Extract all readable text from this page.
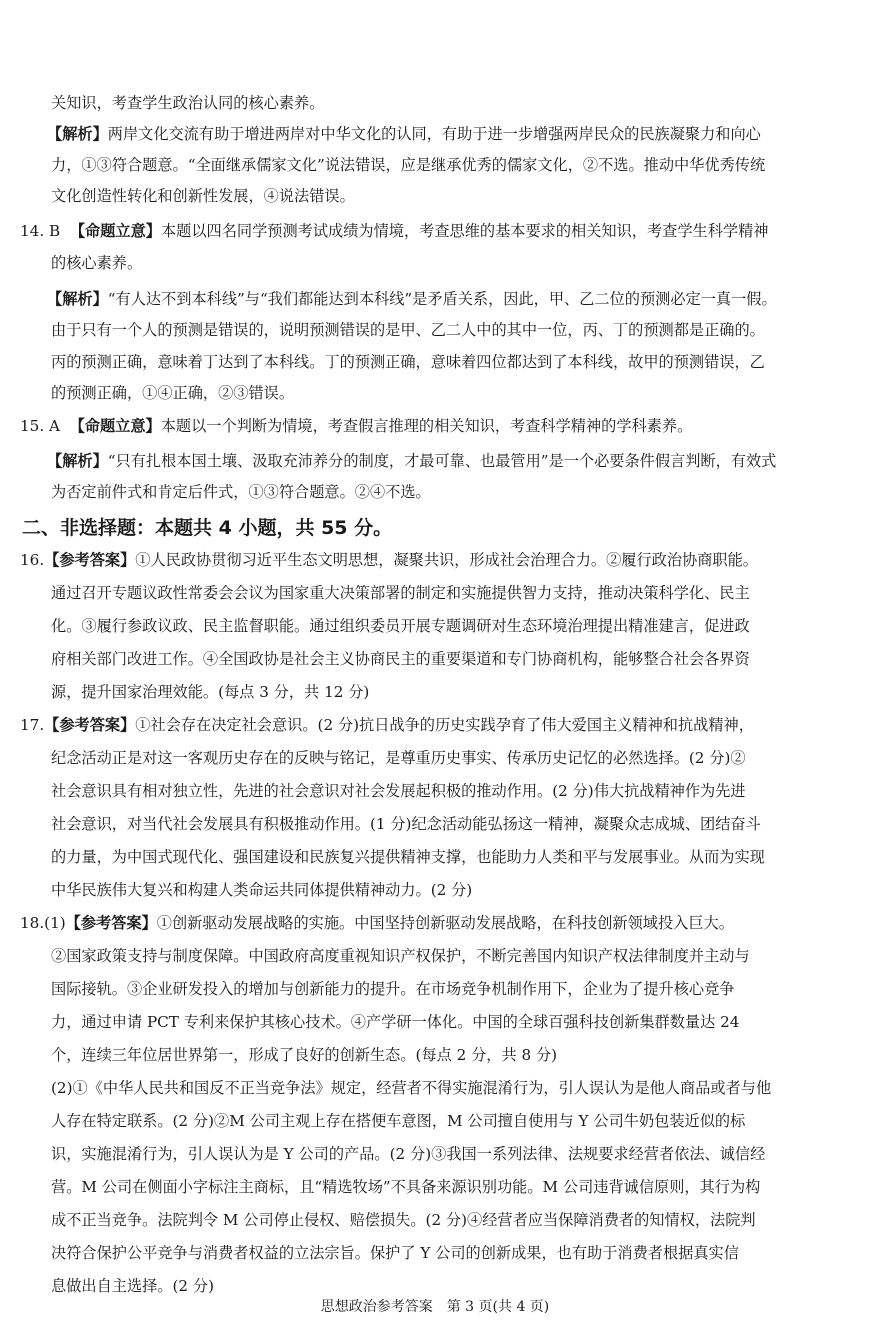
关知识，考查学生政治认同的核心素养。
【解析】两岸文化交流有助于增进两岸对中华文化的认同，有助于进一步增强两岸民众的民族凝聚力和向心
力，①③符合题意。“全面继承儒家文化”说法错误，应是继承优秀的儒家文化，②不选。推动中华优秀传统
文化创造性转化和创新性发展，④说法错误。
14. B 【命题立意】本题以四名同学预测考试成绩为情境，考查思维的基本要求的相关知识，考查学生科学精神
的核心素养。
【解析】“有人达不到本科线”与“我们都能达到本科线”是矛盾关系，因此，甲、乙二位的预测必定一真一假。
由于只有一个人的预测是错误的，说明预测错误的是甲、乙二人中的其中一位，丙、丁的预测都是正确的。
丙的预测正确，意味着丁达到了本科线。丁的预测正确，意味着四位都达到了本科线，故甲的预测错误，乙
的预测正确，①④正确，②③错误。
15. A 【命题立意】本题以一个判断为情境，考查假言推理的相关知识，考查科学精神的学科素养。
【解析】“只有扎根本国土壤、汲取充沛养分的制度，才最可靠、也最管用”是一个必要条件假言判断，有效式
为否定前件式和肯定后件式，①③符合题意。②④不选。
二、非选择题：本题共 4 小题，共 55 分。
16.【参考答案】①人民政协贯彻习近平生态文明思想，凝聚共识，形成社会治理合力。②履行政治协商职能。
通过召开专题议政性常委会会议为国家重大决策部署的制定和实施提供智力支持，推动决策科学化、民主
化。③履行参政议政、民主监督职能。通过组织委员开展专题调研对生态环境治理提出精准建言，促进政
府相关部门改进工作。④全国政协是社会主义协商民主的重要渠道和专门协商机构，能够整合社会各界资
源，提升国家治理效能。(每点 3 分，共 12 分)
17.【参考答案】①社会存在决定社会意识。(2 分)抗日战争的历史实践孕育了伟大爱国主义精神和抗战精神，
纪念活动正是对这一客观历史存在的反映与铭记，是尊重历史事实、传承历史记忆的必然选择。(2 分)②
社会意识具有相对独立性，先进的社会意识对社会发展起积极的推动作用。(2 分)伟大抗战精神作为先进
社会意识，对当代社会发展具有积极推动作用。(1 分)纪念活动能弘扬这一精神，凝聚众志成城、团结奋斗
的力量，为中国式现代化、强国建设和民族复兴提供精神支撑，也能助力人类和平与发展事业。从而为实现
中华民族伟大复兴和构建人类命运共同体提供精神动力。(2 分)
18.(1)【参考答案】①创新驱动发展战略的实施。中国坚持创新驱动发展战略，在科技创新领域投入巨大。
②国家政策支持与制度保障。中国政府高度重视知识产权保护，不断完善国内知识产权法律制度并主动与
国际接轨。③企业研发投入的增加与创新能力的提升。在市场竞争机制作用下，企业为了提升核心竞争
力，通过申请 PCT 专利来保护其核心技术。④产学研一体化。中国的全球百强科技创新集群数量达 24
个，连续三年位居世界第一，形成了良好的创新生态。(每点 2 分，共 8 分)
(2)①《中华人民共和国反不正当竞争法》规定，经营者不得实施混淆行为，引人误认为是他人商品或者与他
人存在特定联系。(2 分)②M 公司主观上存在搭便车意图，M 公司擅自使用与 Y 公司牛奶包装近似的标
识，实施混淆行为，引人误认为是 Y 公司的产品。(2 分)③我国一系列法律、法规要求经营者依法、诚信经
营。M 公司在侧面小字标注主商标，且“精选牧场”不具备来源识别功能。M 公司违背诚信原则，其行为构
成不正当竞争。法院判令 M 公司停止侵权、赔偿损失。(2 分)④经营者应当保障消费者的知情权，法院判
决符合保护公平竞争与消费者权益的立法宗旨。保护了 Y 公司的创新成果，也有助于消费者根据真实信
息做出自主选择。(2 分)
思想政治参考答案　第 3 页(共 4 页)
